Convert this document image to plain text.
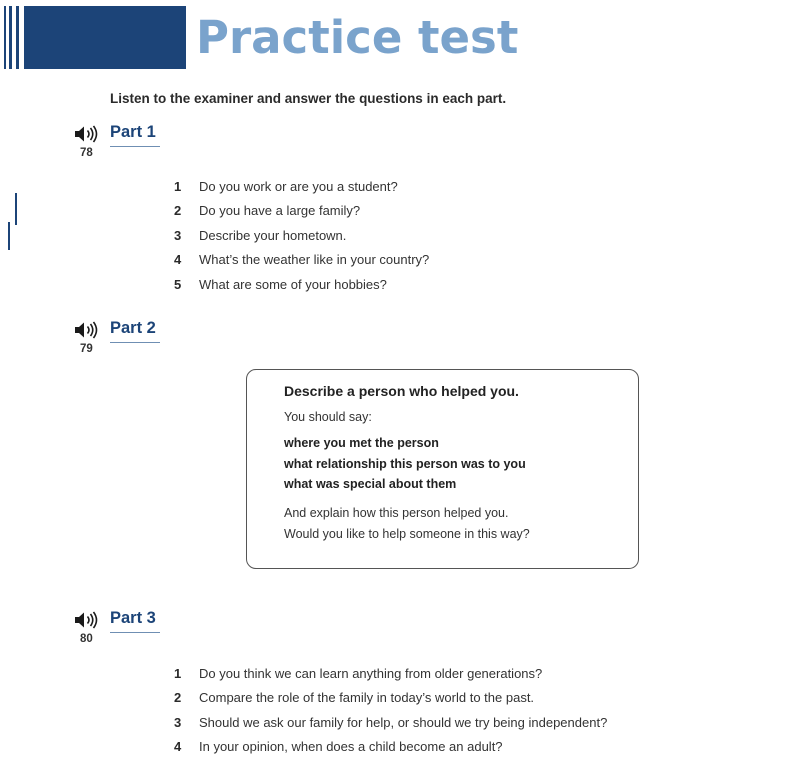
Practice test
Listen to the examiner and answer the questions in each part.
78
Part 1
1 Do you work or are you a student?
2 Do you have a large family?
3 Describe your hometown.
4 What’s the weather like in your country?
5 What are some of your hobbies?
79
Part 2

Describe a person who helped you.

You should say:

where you met the person
what relationship this person was to you
what was special about them

And explain how this person helped you.

Would you like to help someone in this way?

80
Part 3
1 Do you think we can learn anything from older generations?
2 Compare the role of the family in today’s world to the past.
3 Should we ask our family for help, or should we try being independent?
4 In your opinion, when does a child become an adult?
